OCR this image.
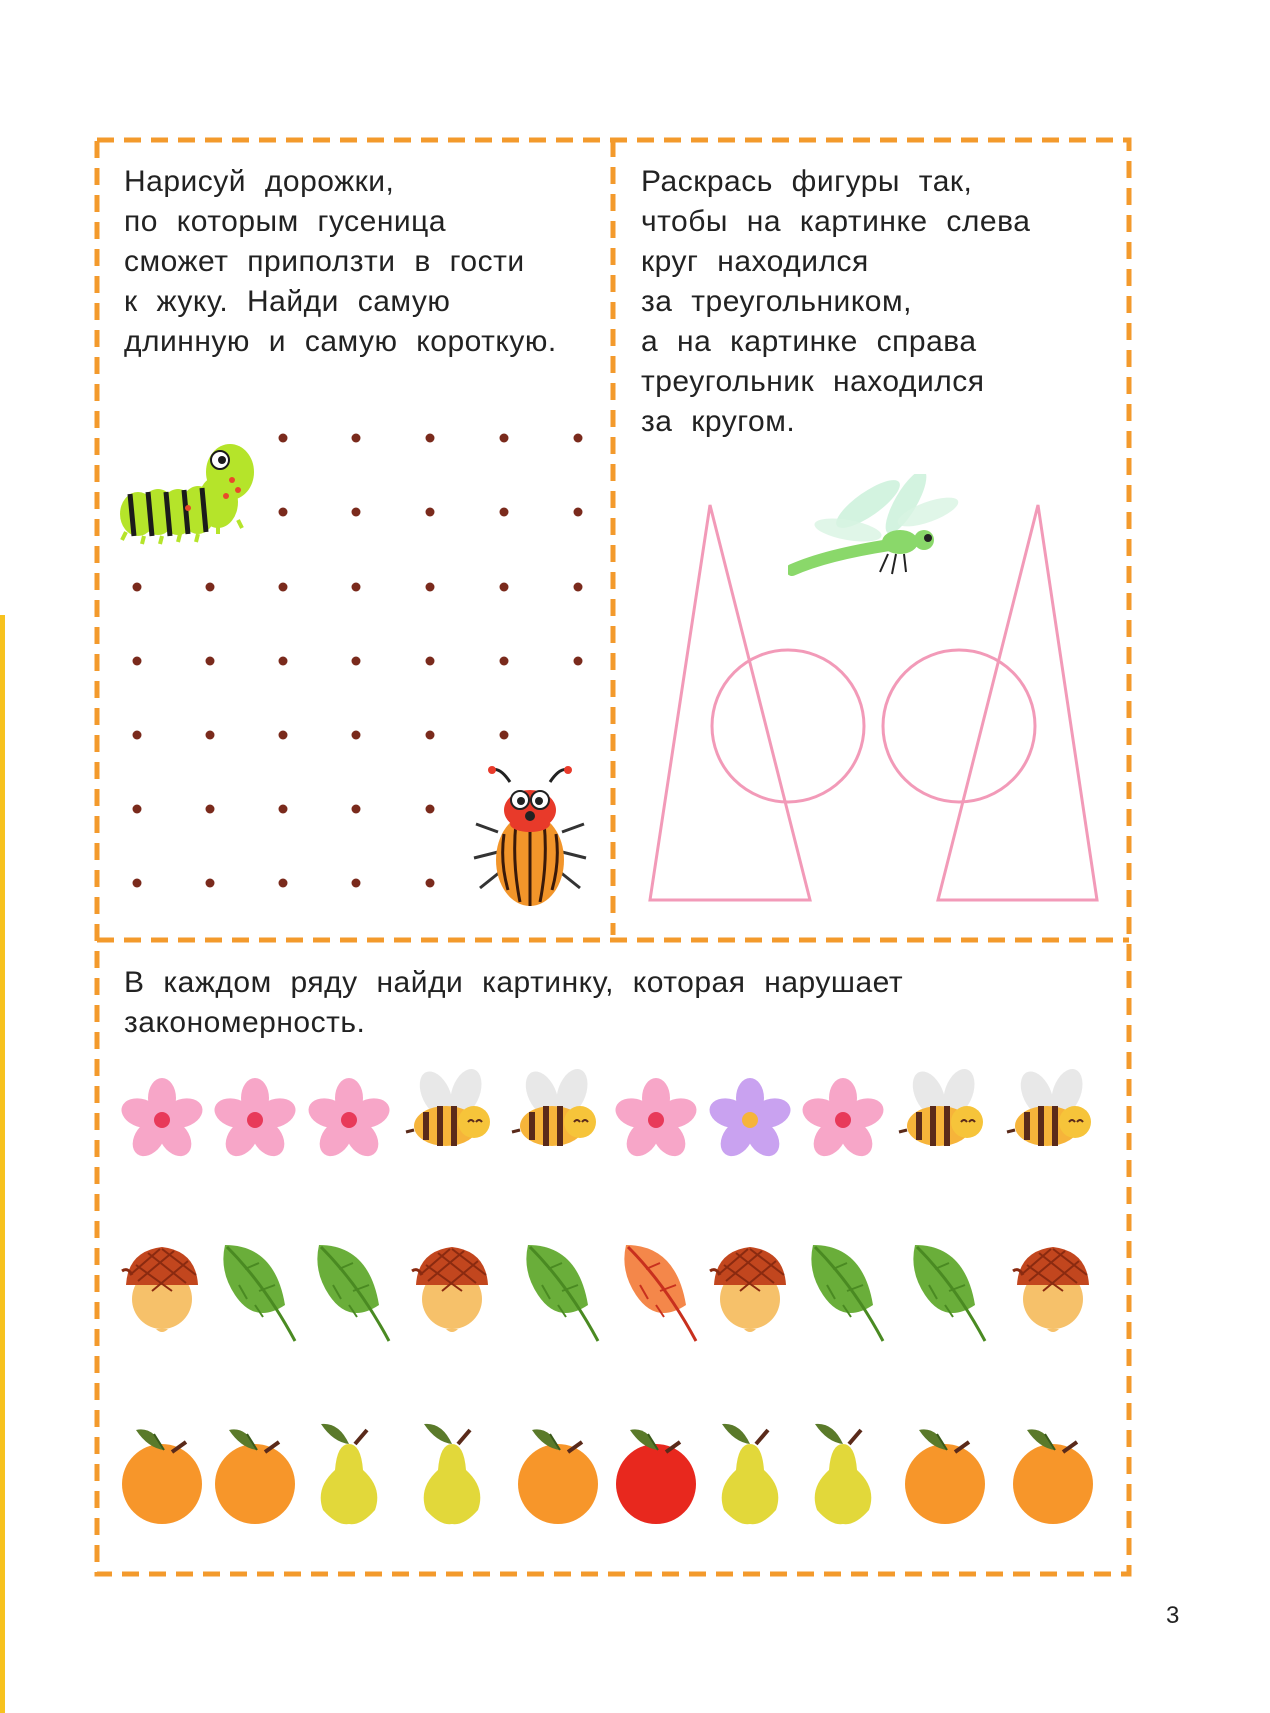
Нарисуй дорожки,
по которым гусеница
сможет приползти в гости
к жуку. Найди самую
длинную и самую короткую.
Раскрась фигуры так,
чтобы на картинке слева
круг находился
за треугольником,
а на картинке справа
треугольник находился
за кругом.
В каждом ряду найди картинку, которая нарушает
закономерность.
3
